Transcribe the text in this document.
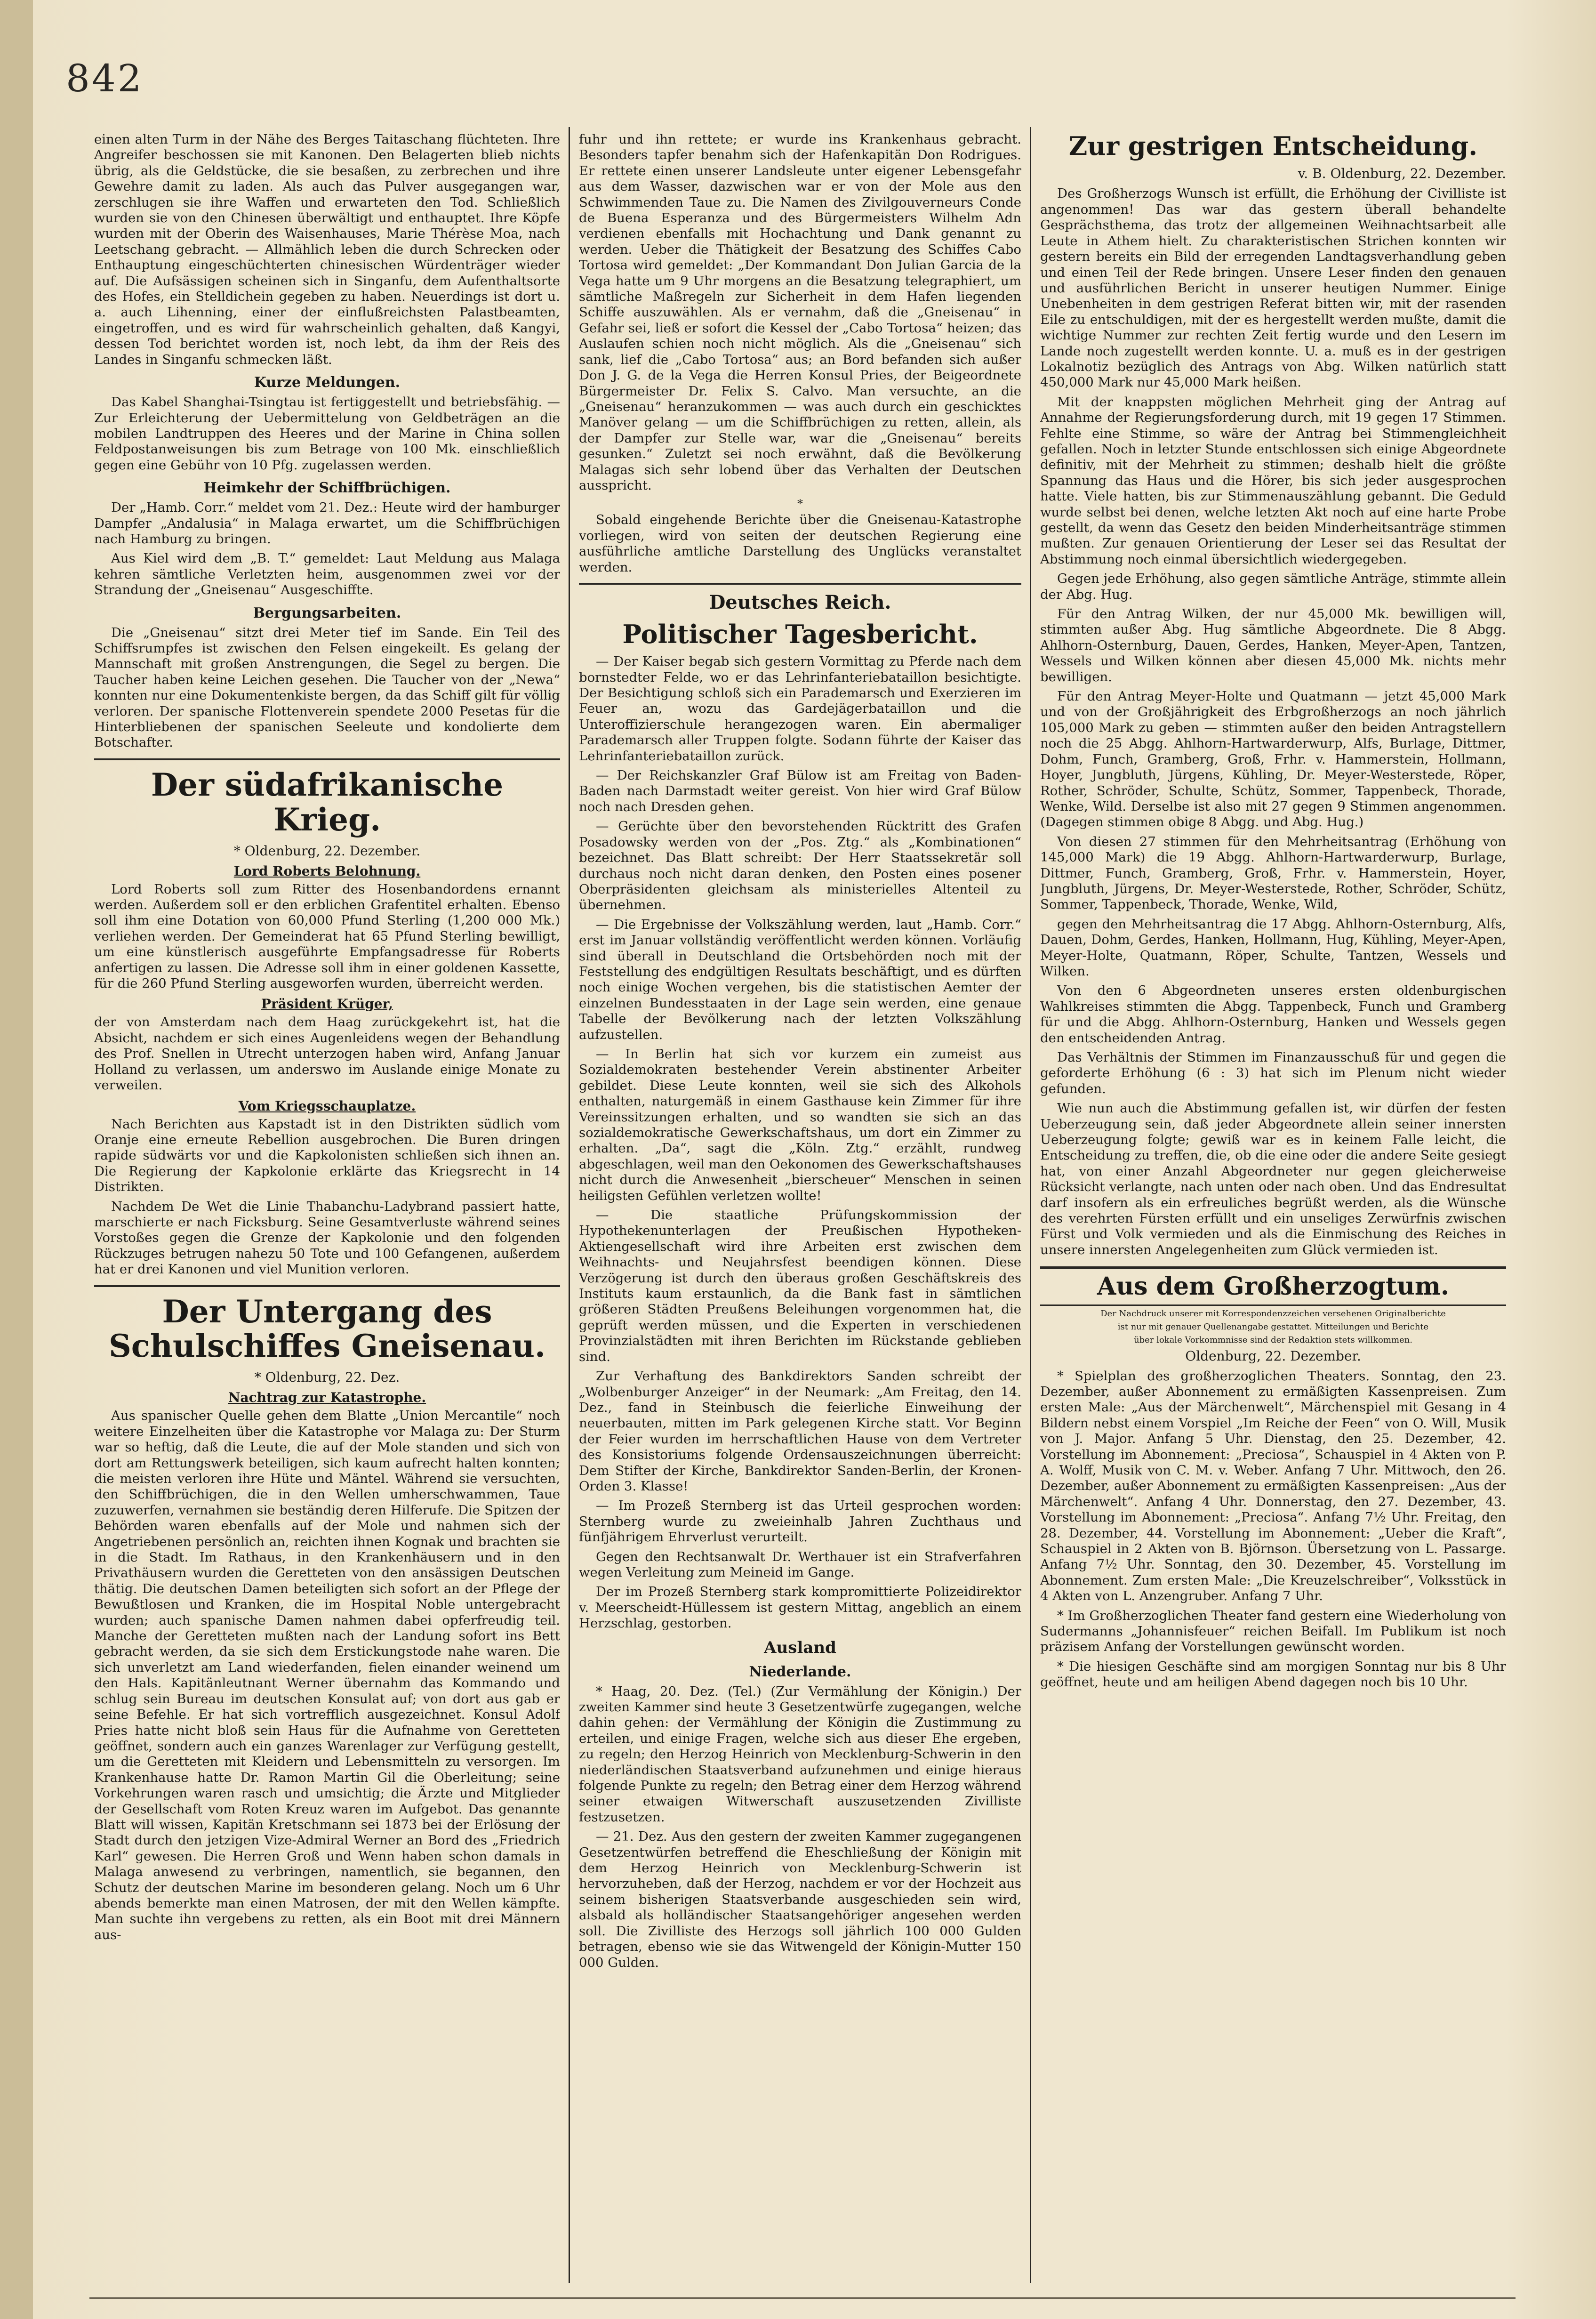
842

einen alten Turm in der Nähe des Berges Taitaschang flüchteten. Ihre Angreifer beschossen sie mit Kanonen. Den Belagerten blieb nichts übrig, als die Geldstücke, die sie besaßen, zu zerbrechen und ihre Gewehre damit zu laden. Als auch das Pulver ausgegangen war, zerschlugen sie ihre Waffen und erwarteten den Tod. Schließlich wurden sie von den Chinesen überwältigt und enthauptet. Ihre Köpfe wurden mit der Oberin des Waisenhauses, Marie Thérèse Moa, nach Leetschang gebracht. — Allmählich leben die durch Schrecken oder Enthauptung eingeschüchterten chinesischen Würdenträger wieder auf. Die Aufsässigen scheinen sich in Singanfu, dem Aufenthaltsorte des Hofes, ein Stelldichein gegeben zu haben. Neuerdings ist dort u. a. auch Lihenning, einer der einflußreichsten Palastbeamten, eingetroffen, und es wird für wahrscheinlich gehalten, daß Kangyi, dessen Tod berichtet worden ist, noch lebt, da ihm der Reis des Landes in Singanfu schmecken läßt.

Kurze Meldungen.

Das Kabel Shanghai-Tsingtau ist fertiggestellt und betriebsfähig. — Zur Erleichterung der Uebermittelung von Geldbeträgen an die mobilen Landtruppen des Heeres und der Marine in China sollen Feldpostanweisungen bis zum Betrage von 100 Mk. einschließlich gegen eine Gebühr von 10 Pfg. zugelassen werden.

Heimkehr der Schiffbrüchigen.

Der „Hamb. Corr.“ meldet vom 21. Dez.: Heute wird der hamburger Dampfer „Andalusia“ in Malaga erwartet, um die Schiffbrüchigen nach Hamburg zu bringen.

Aus Kiel wird dem „B. T.“ gemeldet: Laut Meldung aus Malaga kehren sämtliche Verletzten heim, ausgenommen zwei vor der Strandung der „Gneisenau“ Ausgeschiffte.

Bergungsarbeiten.

Die „Gneisenau“ sitzt drei Meter tief im Sande. Ein Teil des Schiffsrumpfes ist zwischen den Felsen eingekeilt. Es gelang der Mannschaft mit großen Anstrengungen, die Segel zu bergen. Die Taucher haben keine Leichen gesehen. Die Taucher von der „Newa“ konnten nur eine Dokumentenkiste bergen, da das Schiff gilt für völlig verloren. Der spanische Flottenverein spendete 2000 Pesetas für die Hinterbliebenen der spanischen Seeleute und kondolierte dem Botschafter.

Der südafrikanische Krieg.
* Oldenburg, 22. Dezember.
Lord Roberts Belohnung.

Lord Roberts soll zum Ritter des Hosenbandordens ernannt werden. Außerdem soll er den erblichen Grafentitel erhalten. Ebenso soll ihm eine Dotation von 60,000 Pfund Sterling (1,200 000 Mk.) verliehen werden. Der Gemeinderat hat 65 Pfund Sterling bewilligt, um eine künstlerisch ausgeführte Empfangsadresse für Roberts anfertigen zu lassen. Die Adresse soll ihm in einer goldenen Kassette, für die 260 Pfund Sterling ausgeworfen wurden, überreicht werden.

Präsident Krüger,

der von Amsterdam nach dem Haag zurückgekehrt ist, hat die Absicht, nachdem er sich eines Augenleidens wegen der Behandlung des Prof. Snellen in Utrecht unterzogen haben wird, Anfang Januar Holland zu verlassen, um anderswo im Auslande einige Monate zu verweilen.

Vom Kriegsschauplatze.

Nach Berichten aus Kapstadt ist in den Distrikten südlich vom Oranje eine erneute Rebellion ausgebrochen. Die Buren dringen rapide südwärts vor und die Kapkolonisten schließen sich ihnen an. Die Regierung der Kapkolonie erklärte das Kriegsrecht in 14 Distrikten.

Nachdem De Wet die Linie Thabanchu-Ladybrand passiert hatte, marschierte er nach Ficksburg. Seine Gesamtverluste während seines Vorstoßes gegen die Grenze der Kapkolonie und den folgenden Rückzuges betrugen nahezu 50 Tote und 100 Gefangenen, außerdem hat er drei Kanonen und viel Munition verloren.

Der Untergang des Schulschiffes Gneisenau.
* Oldenburg, 22. Dez.
Nachtrag zur Katastrophe.

Aus spanischer Quelle gehen dem Blatte „Union Mercantile“ noch weitere Einzelheiten über die Katastrophe vor Malaga zu: Der Sturm war so heftig, daß die Leute, die auf der Mole standen und sich von dort am Rettungswerk beteiligen, sich kaum aufrecht halten konnten; die meisten verloren ihre Hüte und Mäntel. Während sie versuchten, den Schiffbrüchigen, die in den Wellen umherschwammen, Taue zuzuwerfen, vernahmen sie beständig deren Hilferufe. Die Spitzen der Behörden waren ebenfalls auf der Mole und nahmen sich der Angetriebenen persönlich an, reichten ihnen Kognak und brachten sie in die Stadt. Im Rathaus, in den Krankenhäusern und in den Privathäusern wurden die Geretteten von den ansässigen Deutschen thätig. Die deutschen Damen beteiligten sich sofort an der Pflege der Bewußtlosen und Kranken, die im Hospital Noble untergebracht wurden; auch spanische Damen nahmen dabei opferfreudig teil. Manche der Geretteten mußten nach der Landung sofort ins Bett gebracht werden, da sie sich dem Erstickungstode nahe waren. Die sich unverletzt am Land wiederfanden, fielen einander weinend um den Hals. Kapitänleutnant Werner übernahm das Kommando und schlug sein Bureau im deutschen Konsulat auf; von dort aus gab er seine Befehle. Er hat sich vortrefflich ausgezeichnet. Konsul Adolf Pries hatte nicht bloß sein Haus für die Aufnahme von Geretteten geöffnet, sondern auch ein ganzes Warenlager zur Verfügung gestellt, um die Geretteten mit Kleidern und Lebensmitteln zu versorgen. Im Krankenhause hatte Dr. Ramon Martin Gil die Oberleitung; seine Vorkehrungen waren rasch und umsichtig; die Ärzte und Mitglieder der Gesellschaft vom Roten Kreuz waren im Aufgebot. Das genannte Blatt will wissen, Kapitän Kretschmann sei 1873 bei der Erlösung der Stadt durch den jetzigen Vize-Admiral Werner an Bord des „Friedrich Karl“ gewesen. Die Herren Groß und Wenn haben schon damals in Malaga anwesend zu verbringen, namentlich, sie begannen, den Schutz der deutschen Marine im besonderen gelang. Noch um 6 Uhr abends bemerkte man einen Matrosen, der mit den Wellen kämpfte. Man suchte ihn vergebens zu retten, als ein Boot mit drei Männern aus-

fuhr und ihn rettete; er wurde ins Krankenhaus gebracht. Besonders tapfer benahm sich der Hafenkapitän Don Rodrigues. Er rettete einen unserer Landsleute unter eigener Lebensgefahr aus dem Wasser, dazwischen war er von der Mole aus den Schwimmenden Taue zu. Die Namen des Zivilgouverneurs Conde de Buena Esperanza und des Bürgermeisters Wilhelm Adn verdienen ebenfalls mit Hochachtung und Dank genannt zu werden. Ueber die Thätigkeit der Besatzung des Schiffes Cabo Tortosa wird gemeldet: „Der Kommandant Don Julian Garcia de la Vega hatte um 9 Uhr morgens an die Besatzung telegraphiert, um sämtliche Maßregeln zur Sicherheit in dem Hafen liegenden Schiffe auszuwählen. Als er vernahm, daß die „Gneisenau“ in Gefahr sei, ließ er sofort die Kessel der „Cabo Tortosa“ heizen; das Auslaufen schien noch nicht möglich. Als die „Gneisenau“ sich sank, lief die „Cabo Tortosa“ aus; an Bord befanden sich außer Don J. G. de la Vega die Herren Konsul Pries, der Beigeordnete Bürgermeister Dr. Felix S. Calvo. Man versuchte, an die „Gneisenau“ heranzukommen — was auch durch ein geschicktes Manöver gelang — um die Schiffbrüchigen zu retten, allein, als der Dampfer zur Stelle war, war die „Gneisenau“ bereits gesunken.“ Zuletzt sei noch erwähnt, daß die Bevölkerung Malagas sich sehr lobend über das Verhalten der Deutschen ausspricht.

*

Sobald eingehende Berichte über die Gneisenau-Katastrophe vorliegen, wird von seiten der deutschen Regierung eine ausführliche amtliche Darstellung des Unglücks veranstaltet werden.

Deutsches Reich.
Politischer Tagesbericht.

— Der Kaiser begab sich gestern Vormittag zu Pferde nach dem bornstedter Felde, wo er das Lehrinfanteriebataillon besichtigte. Der Besichtigung schloß sich ein Parademarsch und Exerzieren im Feuer an, wozu das Gardejägerbataillon und die Unteroffizierschule herangezogen waren. Ein abermaliger Parademarsch aller Truppen folgte. Sodann führte der Kaiser das Lehrinfanteriebataillon zurück.

— Der Reichskanzler Graf Bülow ist am Freitag von Baden-Baden nach Darmstadt weiter gereist. Von hier wird Graf Bülow noch nach Dresden gehen.

— Gerüchte über den bevorstehenden Rücktritt des Grafen Posadowsky werden von der „Pos. Ztg.“ als „Kombinationen“ bezeichnet. Das Blatt schreibt: Der Herr Staatssekretär soll durchaus noch nicht daran denken, den Posten eines posener Oberpräsidenten gleichsam als ministerielles Altenteil zu übernehmen.

— Die Ergebnisse der Volkszählung werden, laut „Hamb. Corr.“ erst im Januar vollständig veröffentlicht werden können. Vorläufig sind überall in Deutschland die Ortsbehörden noch mit der Feststellung des endgültigen Resultats beschäftigt, und es dürften noch einige Wochen vergehen, bis die statistischen Aemter der einzelnen Bundesstaaten in der Lage sein werden, eine genaue Tabelle der Bevölkerung nach der letzten Volkszählung aufzustellen.

— In Berlin hat sich vor kurzem ein zumeist aus Sozialdemokraten bestehender Verein abstinenter Arbeiter gebildet. Diese Leute konnten, weil sie sich des Alkohols enthalten, naturgemäß in einem Gasthause kein Zimmer für ihre Vereinssitzungen erhalten, und so wandten sie sich an das sozialdemokratische Gewerkschaftshaus, um dort ein Zimmer zu erhalten. „Da“, sagt die „Köln. Ztg.“ erzählt, rundweg abgeschlagen, weil man den Oekonomen des Gewerkschaftshauses nicht durch die Anwesenheit „bierscheuer“ Menschen in seinen heiligsten Gefühlen verletzen wollte!

— Die staatliche Prüfungskommission der Hypothekenunterlagen der Preußischen Hypotheken-Aktiengesellschaft wird ihre Arbeiten erst zwischen dem Weihnachts- und Neujahrsfest beendigen können. Diese Verzögerung ist durch den überaus großen Geschäftskreis des Instituts kaum erstaunlich, da die Bank fast in sämtlichen größeren Städten Preußens Beleihungen vorgenommen hat, die geprüft werden müssen, und die Experten in verschiedenen Provinzialstädten mit ihren Berichten im Rückstande geblieben sind.

Zur Verhaftung des Bankdirektors Sanden schreibt der „Wolbenburger Anzeiger“ in der Neumark: „Am Freitag, den 14. Dez., fand in Steinbusch die feierliche Einweihung der neuerbauten, mitten im Park gelegenen Kirche statt. Vor Beginn der Feier wurden im herrschaftlichen Hause von dem Vertreter des Konsistoriums folgende Ordensauszeichnungen überreicht: Dem Stifter der Kirche, Bankdirektor Sanden-Berlin, der Kronen-Orden 3. Klasse!

— Im Prozeß Sternberg ist das Urteil gesprochen worden: Sternberg wurde zu zweieinhalb Jahren Zuchthaus und fünfjährigem Ehrverlust verurteilt.

Gegen den Rechtsanwalt Dr. Werthauer ist ein Strafverfahren wegen Verleitung zum Meineid im Gange.

Der im Prozeß Sternberg stark kompromittierte Polizeidirektor v. Meerscheidt-Hüllessem ist gestern Mittag, angeblich an einem Herzschlag, gestorben.

Ausland
Niederlande.

* Haag, 20. Dez. (Tel.) (Zur Vermählung der Königin.) Der zweiten Kammer sind heute 3 Gesetzentwürfe zugegangen, welche dahin gehen: der Vermählung der Königin die Zustimmung zu erteilen, und einige Fragen, welche sich aus dieser Ehe ergeben, zu regeln; den Herzog Heinrich von Mecklenburg-Schwerin in den niederländischen Staatsverband aufzunehmen und einige hieraus folgende Punkte zu regeln; den Betrag einer dem Herzog während seiner etwaigen Witwerschaft auszusetzenden Zivilliste festzusetzen.

— 21. Dez. Aus den gestern der zweiten Kammer zugegangenen Gesetzentwürfen betreffend die Eheschließung der Königin mit dem Herzog Heinrich von Mecklenburg-Schwerin ist hervorzuheben, daß der Herzog, nachdem er vor der Hochzeit aus seinem bisherigen Staatsverbande ausgeschieden sein wird, alsbald als holländischer Staatsangehöriger angesehen werden soll. Die Zivilliste des Herzogs soll jährlich 100 000 Gulden betragen, ebenso wie sie das Witwengeld der Königin-Mutter 150 000 Gulden.

Zur gestrigen Entscheidung.
v. B. Oldenburg, 22. Dezember.

Des Großherzogs Wunsch ist erfüllt, die Erhöhung der Civilliste ist angenommen! Das war das gestern überall behandelte Gesprächsthema, das trotz der allgemeinen Weihnachtsarbeit alle Leute in Athem hielt. Zu charakteristischen Strichen konnten wir gestern bereits ein Bild der erregenden Landtagsverhandlung geben und einen Teil der Rede bringen. Unsere Leser finden den genauen und ausführlichen Bericht in unserer heutigen Nummer. Einige Unebenheiten in dem gestrigen Referat bitten wir, mit der rasenden Eile zu entschuldigen, mit der es hergestellt werden mußte, damit die wichtige Nummer zur rechten Zeit fertig wurde und den Lesern im Lande noch zugestellt werden konnte. U. a. muß es in der gestrigen Lokalnotiz bezüglich des Antrags von Abg. Wilken natürlich statt 450,000 Mark nur 45,000 Mark heißen.

Mit der knappsten möglichen Mehrheit ging der Antrag auf Annahme der Regierungsforderung durch, mit 19 gegen 17 Stimmen. Fehlte eine Stimme, so wäre der Antrag bei Stimmengleichheit gefallen. Noch in letzter Stunde entschlossen sich einige Abgeordnete definitiv, mit der Mehrheit zu stimmen; deshalb hielt die größte Spannung das Haus und die Hörer, bis sich jeder ausgesprochen hatte. Viele hatten, bis zur Stimmenauszählung gebannt. Die Geduld wurde selbst bei denen, welche letzten Akt noch auf eine harte Probe gestellt, da wenn das Gesetz den beiden Minderheitsanträge stimmen mußten. Zur genauen Orientierung der Leser sei das Resultat der Abstimmung noch einmal übersichtlich wiedergegeben.

Gegen jede Erhöhung, also gegen sämtliche Anträge, stimmte allein der Abg. Hug.

Für den Antrag Wilken, der nur 45,000 Mk. bewilligen will, stimmten außer Abg. Hug sämtliche Abgeordnete. Die 8 Abgg. Ahlhorn-Osternburg, Dauen, Gerdes, Hanken, Meyer-Apen, Tantzen, Wessels und Wilken können aber diesen 45,000 Mk. nichts mehr bewilligen.

Für den Antrag Meyer-Holte und Quatmann — jetzt 45,000 Mark und von der Großjährigkeit des Erbgroßherzogs an noch jährlich 105,000 Mark zu geben — stimmten außer den beiden Antragstellern noch die 25 Abgg. Ahlhorn-Hartwarderwurp, Alfs, Burlage, Dittmer, Dohm, Funch, Gramberg, Groß, Frhr. v. Hammerstein, Hollmann, Hoyer, Jungbluth, Jürgens, Kühling, Dr. Meyer-Westerstede, Röper, Rother, Schröder, Schulte, Schütz, Sommer, Tappenbeck, Thorade, Wenke, Wild. Derselbe ist also mit 27 gegen 9 Stimmen angenommen. (Dagegen stimmen obige 8 Abgg. und Abg. Hug.)

Von diesen 27 stimmen für den Mehrheitsantrag (Erhöhung von 145,000 Mark) die 19 Abgg. Ahlhorn-Hartwarderwurp, Burlage, Dittmer, Funch, Gramberg, Groß, Frhr. v. Hammerstein, Hoyer, Jungbluth, Jürgens, Dr. Meyer-Westerstede, Rother, Schröder, Schütz, Sommer, Tappenbeck, Thorade, Wenke, Wild,

gegen den Mehrheitsantrag die 17 Abgg. Ahlhorn-Osternburg, Alfs, Dauen, Dohm, Gerdes, Hanken, Hollmann, Hug, Kühling, Meyer-Apen, Meyer-Holte, Quatmann, Röper, Schulte, Tantzen, Wessels und Wilken.

Von den 6 Abgeordneten unseres ersten oldenburgischen Wahlkreises stimmten die Abgg. Tappenbeck, Funch und Gramberg für und die Abgg. Ahlhorn-Osternburg, Hanken und Wessels gegen den entscheidenden Antrag.

Das Verhältnis der Stimmen im Finanzausschuß für und gegen die geforderte Erhöhung (6 : 3) hat sich im Plenum nicht wieder gefunden.

Wie nun auch die Abstimmung gefallen ist, wir dürfen der festen Ueberzeugung sein, daß jeder Abgeordnete allein seiner innersten Ueberzeugung folgte; gewiß war es in keinem Falle leicht, die Entscheidung zu treffen, die, ob die eine oder die andere Seite gesiegt hat, von einer Anzahl Abgeordneter nur gegen gleicherweise Rücksicht verlangte, nach unten oder nach oben. Und das Endresultat darf insofern als ein erfreuliches begrüßt werden, als die Wünsche des verehrten Fürsten erfüllt und ein unseliges Zerwürfnis zwischen Fürst und Volk vermieden und als die Einmischung des Reiches in unsere innersten Angelegenheiten zum Glück vermieden ist.

Aus dem Großherzogtum.

Der Nachdruck unserer mit Korrespondenzzeichen versehenen Originalberichte

ist nur mit genauer Quellenangabe gestattet. Mitteilungen und Berichte

über lokale Vorkommnisse sind der Redaktion stets willkommen.

Oldenburg, 22. Dezember.

* Spielplan des großherzoglichen Theaters. Sonntag, den 23. Dezember, außer Abonnement zu ermäßigten Kassenpreisen. Zum ersten Male: „Aus der Märchenwelt“, Märchenspiel mit Gesang in 4 Bildern nebst einem Vorspiel „Im Reiche der Feen“ von O. Will, Musik von J. Major. Anfang 5 Uhr. Dienstag, den 25. Dezember, 42. Vorstellung im Abonnement: „Preciosa“, Schauspiel in 4 Akten von P. A. Wolff, Musik von C. M. v. Weber. Anfang 7 Uhr. Mittwoch, den 26. Dezember, außer Abonnement zu ermäßigten Kassenpreisen: „Aus der Märchenwelt“. Anfang 4 Uhr. Donnerstag, den 27. Dezember, 43. Vorstellung im Abonnement: „Preciosa“. Anfang 7½ Uhr. Freitag, den 28. Dezember, 44. Vorstellung im Abonnement: „Ueber die Kraft“, Schauspiel in 2 Akten von B. Björnson. Übersetzung von L. Passarge. Anfang 7½ Uhr. Sonntag, den 30. Dezember, 45. Vorstellung im Abonnement. Zum ersten Male: „Die Kreuzelschreiber“, Volksstück in 4 Akten von L. Anzengruber. Anfang 7 Uhr.

* Im Großherzoglichen Theater fand gestern eine Wiederholung von Sudermanns „Johannisfeuer“ reichen Beifall. Im Publikum ist noch präzisem Anfang der Vorstellungen gewünscht worden.

* Die hiesigen Geschäfte sind am morgigen Sonntag nur bis 8 Uhr geöffnet, heute und am heiligen Abend dagegen noch bis 10 Uhr.
